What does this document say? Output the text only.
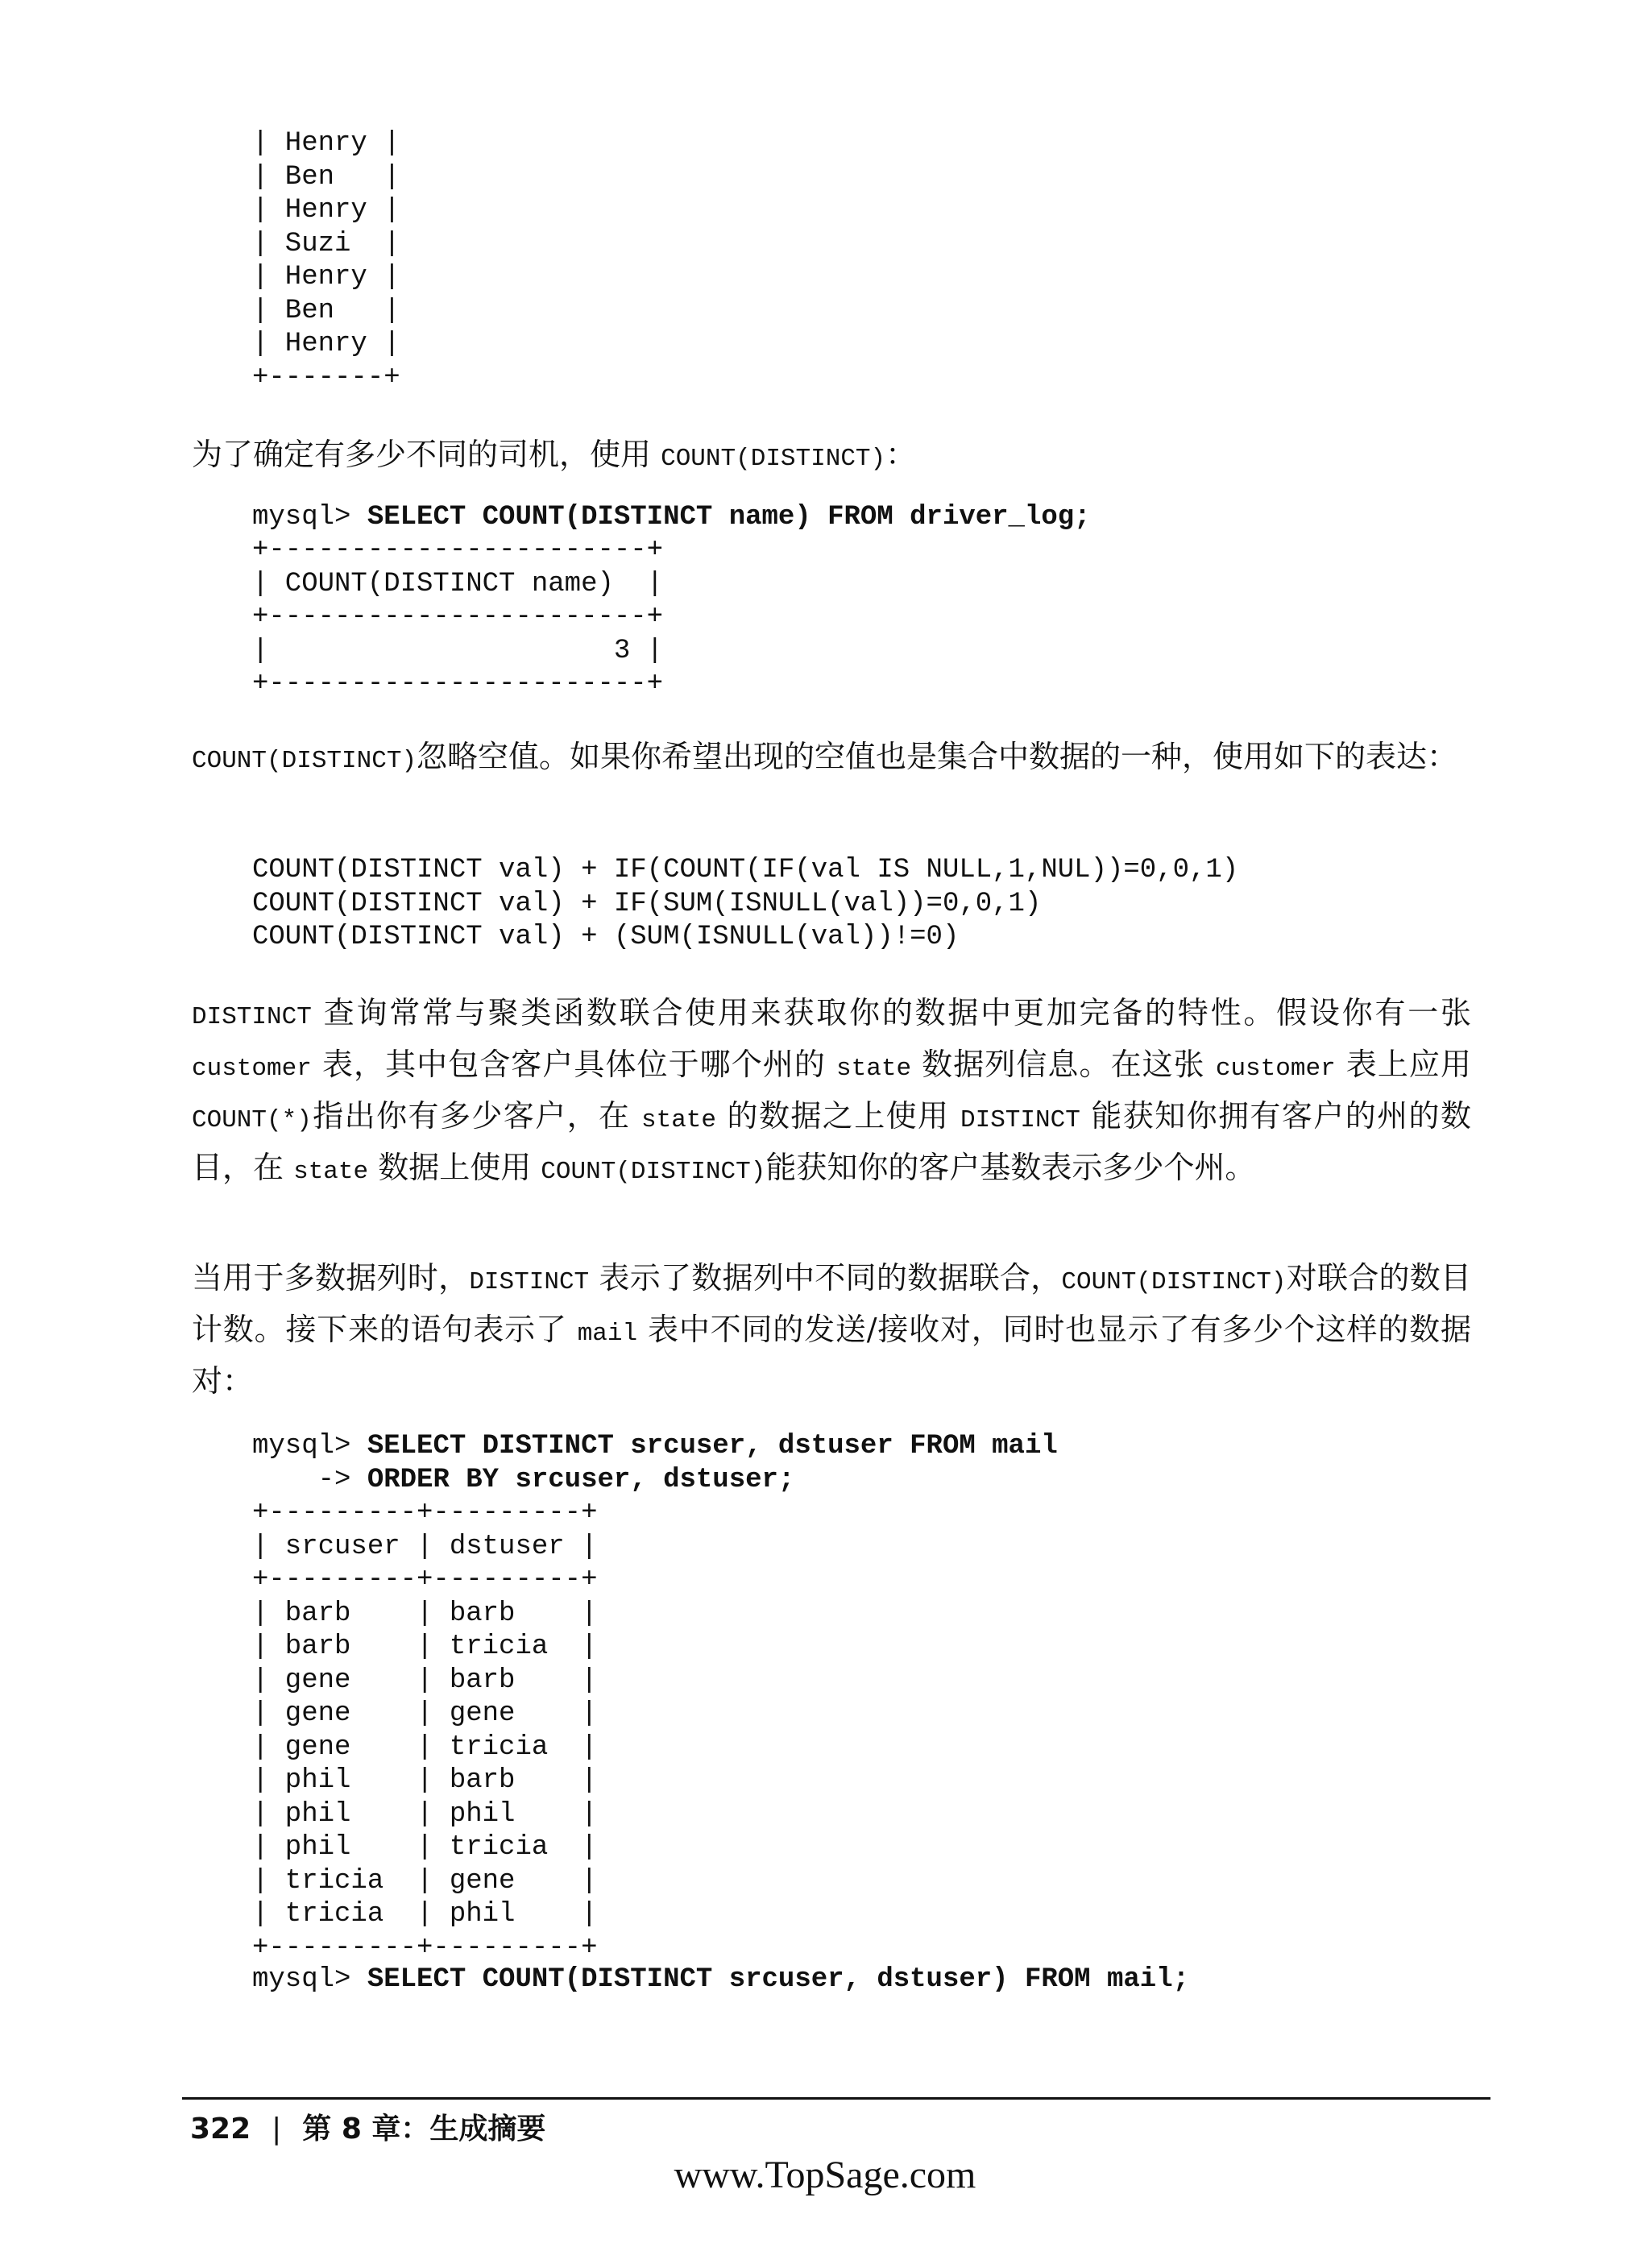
| Henry |
| Ben   |
| Henry |
| Suzi  |
| Henry |
| Ben   |
| Henry |
+-------+

为了确定有多少不同的司机，使用 COUNT(DISTINCT)：

mysql> SELECT COUNT(DISTINCT name) FROM driver_log;
+-----------------------+
| COUNT(DISTINCT name)  |
+-----------------------+
|                     3 |
+-----------------------+

COUNT(DISTINCT)忽略空值。如果你希望出现的空值也是集合中数据的一种，使用如下的表达：

COUNT(DISTINCT val) + IF(COUNT(IF(val IS NULL,1,NUL))=0,0,1)
COUNT(DISTINCT val) + IF(SUM(ISNULL(val))=0,0,1)
COUNT(DISTINCT val) + (SUM(ISNULL(val))!=0)

DISTINCT 查询常常与聚类函数联合使用来获取你的数据中更加完备的特性。假设你有一张 customer 表，其中包含客户具体位于哪个州的 state 数据列信息。在这张 customer 表上应用 COUNT(*)指出你有多少客户，在 state 的数据之上使用 DISTINCT 能获知你拥有客户的州的数目，在 state 数据上使用 COUNT(DISTINCT)能获知你的客户基数表示多少个州。

当用于多数据列时，DISTINCT 表示了数据列中不同的数据联合，COUNT(DISTINCT)对联合的数目计数。接下来的语句表示了 mail 表中不同的发送/接收对，同时也显示了有多少个这样的数据对：

mysql> SELECT DISTINCT srcuser, dstuser FROM mail
-> ORDER BY srcuser, dstuser;
+---------+---------+
| srcuser | dstuser |
+---------+---------+
| barb    | barb    |
| barb    | tricia  |
| gene    | barb    |
| gene    | gene    |
| gene    | tricia  |
| phil    | barb    |
| phil    | phil    |
| phil    | tricia  |
| tricia  | gene    |
| tricia  | phil    |
+---------+---------+

mysql> SELECT COUNT(DISTINCT srcuser, dstuser) FROM mail;
322 | 第 8 章：生成摘要
www.TopSage.com
